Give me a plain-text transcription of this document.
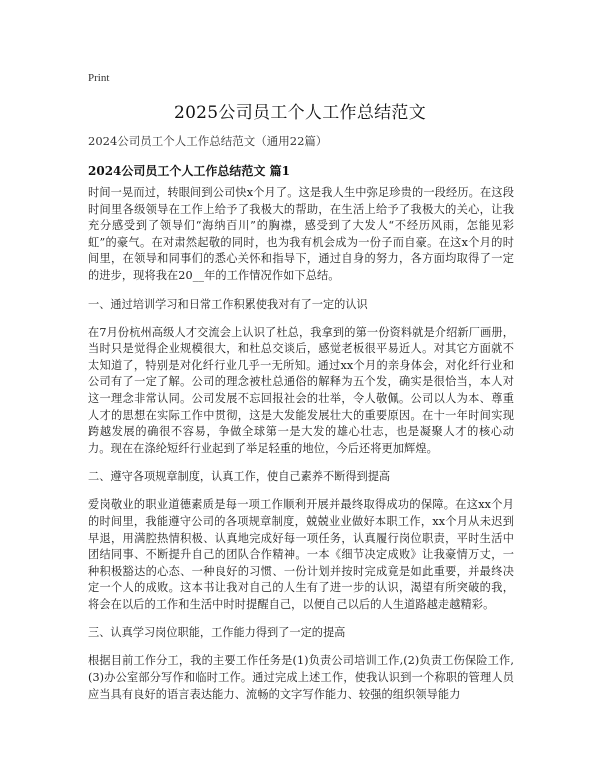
Print
2025公司员工个人工作总结范文

2024公司员工个人工作总结范文（通用22篇）

2024公司员工个人工作总结范文 篇1

时间一晃而过，转眼间到公司快x个月了。这是我人生中弥足珍贵的一段经历。在这段时间里各级领导在工作上给予了我极大的帮助，在生活上给予了我极大的关心，让我充分感受到了领导们“海纳百川”的胸襟，感受到了大发人“不经历风雨，怎能见彩虹”的豪气。在对肃然起敬的同时，也为我有机会成为一份子而自豪。在这x个月的时间里，在领导和同事们的悉心关怀和指导下，通过自身的努力，各方面均取得了一定的进步，现将我在20__年的工作情况作如下总结。

一、通过培训学习和日常工作积累使我对有了一定的认识

在7月份杭州高级人才交流会上认识了杜总，我拿到的第一份资料就是介绍新厂画册，当时只是觉得企业规模很大，和杜总交谈后，感觉老板很平易近人。对其它方面就不太知道了，特别是对化纤行业几乎一无所知。通过xx个月的亲身体会，对化纤行业和公司有了一定了解。公司的理念被杜总通俗的解释为五个发，确实是很恰当，本人对这一理念非常认同。公司发展不忘回报社会的壮举，令人敬佩。公司以人为本、尊重人才的思想在实际工作中贯彻，这是大发能发展壮大的重要原因。在十一年时间实现跨越发展的确很不容易，争做全球第一是大发的雄心壮志，也是凝聚人才的核心动力。现在在涤纶短纤行业起到了举足轻重的地位，今后还将更加辉煌。

二、遵守各项规章制度，认真工作，使自己素养不断得到提高

爱岗敬业的职业道德素质是每一项工作顺利开展并最终取得成功的保障。在这xx个月的时间里，我能遵守公司的各项规章制度，兢兢业业做好本职工作，xx个月从未迟到早退，用满腔热情积极、认真地完成好每一项任务，认真履行岗位职责，平时生活中团结同事、不断提升自己的团队合作精神。一本《细节决定成败》让我豪情万丈，一种积极豁达的心态、一种良好的习惯、一份计划并按时完成竟是如此重要，并最终决定一个人的成败。这本书让我对自己的人生有了进一步的认识，渴望有所突破的我，将会在以后的工作和生活中时时提醒自己，以便自己以后的人生道路越走越精彩。

三、认真学习岗位职能，工作能力得到了一定的提高

根据目前工作分工，我的主要工作任务是(1)负责公司培训工作,(2)负责工伤保险工作,(3)办公室部分写作和临时工作。通过完成上述工作，使我认识到一个称职的管理人员应当具有良好的语言表达能力、流畅的文字写作能力、较强的组织领导能力
